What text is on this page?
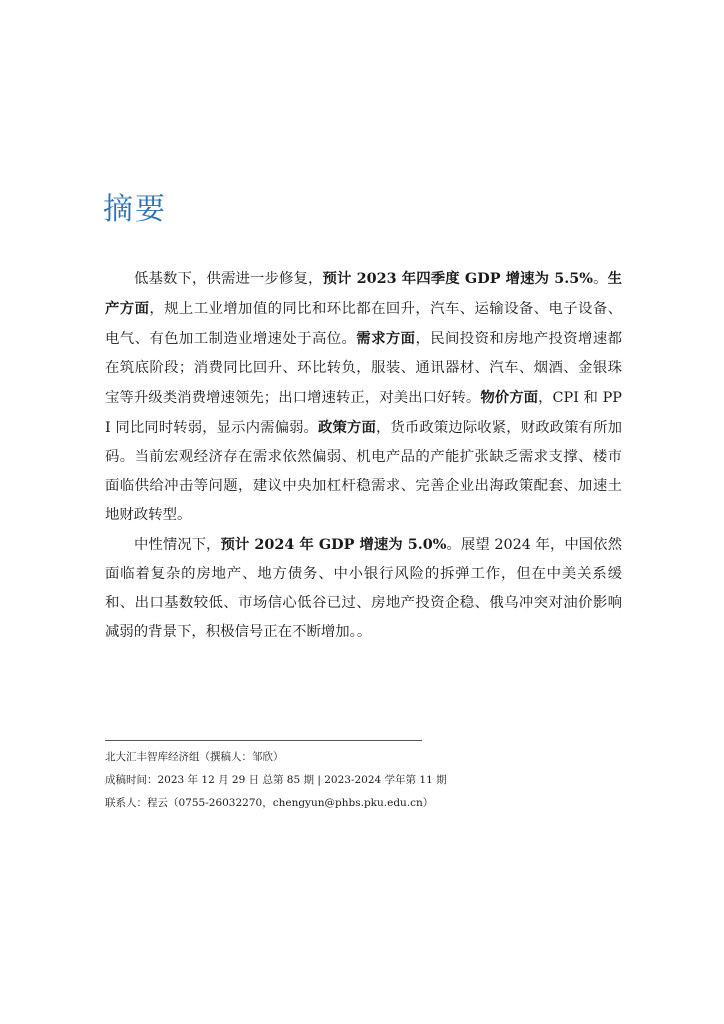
摘要

低基数下，供需进一步修复，预计 2023 年四季度 GDP 增速为 5.5%。生产方面，规上工业增加值的同比和环比都在回升，汽车、运输设备、电子设备、电气、有色加工制造业增速处于高位。需求方面，民间投资和房地产投资增速都在筑底阶段；消费同比回升、环比转负，服装、通讯器材、汽车、烟酒、金银珠宝等升级类消费增速领先；出口增速转正，对美出口好转。物价方面，CPI 和 PPI 同比同时转弱，显示内需偏弱。政策方面，货币政策边际收紧，财政政策有所加码。当前宏观经济存在需求依然偏弱、机电产品的产能扩张缺乏需求支撑、楼市面临供给冲击等问题，建议中央加杠杆稳需求、完善企业出海政策配套、加速土地财政转型。

中性情况下，预计 2024 年 GDP 增速为 5.0%。展望 2024 年，中国依然面临着复杂的房地产、地方债务、中小银行风险的拆弹工作，但在中美关系缓和、出口基数较低、市场信心低谷已过、房地产投资企稳、俄乌冲突对油价影响减弱的背景下，积极信号正在不断增加。。

北大汇丰智库经济组（撰稿人：邹欣）
成稿时间：2023 年 12 月 29 日 总第 85 期 | 2023-2024 学年第 11 期
联系人：程云（0755-26032270，chengyun@phbs.pku.edu.cn）
